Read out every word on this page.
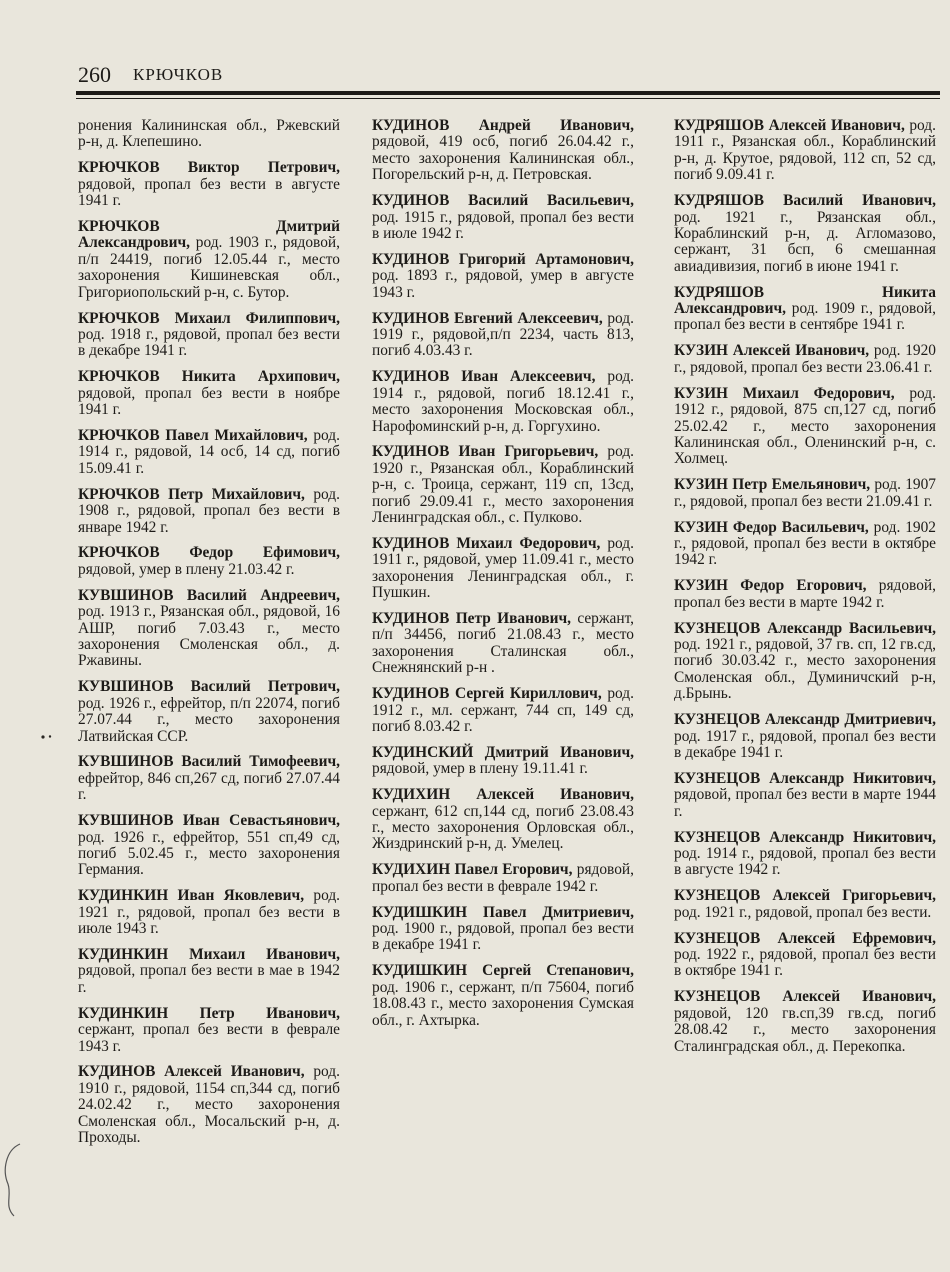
260 КРЮЧКОВ

ронения Калининская обл., Ржевский р-н, д. Клепешино.

КРЮЧКОВ Виктор Петрович, рядовой, пропал без вести в августе 1941 г.

КРЮЧКОВ Дмитрий Александрович, род. 1903 г., рядовой, п/п 24419, погиб 12.05.44 г., место захоронения Кишиневская обл., Григориопольский р-н, с. Бутор.

КРЮЧКОВ Михаил Филиппович, род. 1918 г., рядовой, пропал без вести в декабре 1941 г.

КРЮЧКОВ Никита Архипович, рядовой, пропал без вести в ноябре 1941 г.

КРЮЧКОВ Павел Михайлович, род. 1914 г., рядовой, 14 осб, 14 сд, погиб 15.09.41 г.

КРЮЧКОВ Петр Михайлович, род. 1908 г., рядовой, пропал без вести в январе 1942 г.

КРЮЧКОВ Федор Ефимович, рядовой, умер в плену 21.03.42 г.

КУВШИНОВ Василий Андреевич, род. 1913 г., Рязанская обл., рядовой, 16 АШР, погиб 7.03.43 г., место захоронения Смоленская обл., д. Ржавины.

КУВШИНОВ Василий Петрович, род. 1926 г., ефрейтор, п/п 22074, погиб 27.07.44 г., место захоронения Латвийская ССР.

КУВШИНОВ Василий Тимофеевич, ефрейтор, 846 сп,267 сд, погиб 27.07.44 г.

КУВШИНОВ Иван Севастьянович, род. 1926 г., ефрейтор, 551 сп,49 сд, погиб 5.02.45 г., место захоронения Германия.

КУДИНКИН Иван Яковлевич, род. 1921 г., рядовой, пропал без вести в июле 1943 г.

КУДИНКИН Михаил Иванович, рядовой, пропал без вести в мае в 1942 г.

КУДИНКИН Петр Иванович, сержант, пропал без вести в феврале 1943 г.

КУДИНОВ Алексей Иванович, род. 1910 г., рядовой, 1154 сп,344 сд, погиб 24.02.42 г., место захоронения Смоленская обл., Мосальский р-н, д. Проходы.

КУДИНОВ Андрей Иванович, рядовой, 419 осб, погиб 26.04.42 г., место захоронения Калининская обл., Погорельский р-н, д. Петровская.

КУДИНОВ Василий Васильевич, род. 1915 г., рядовой, пропал без вести в июле 1942 г.

КУДИНОВ Григорий Артамонович, род. 1893 г., рядовой, умер в августе 1943 г.

КУДИНОВ Евгений Алексеевич, род. 1919 г., рядовой,п/п 2234, часть 813, погиб 4.03.43 г.

КУДИНОВ Иван Алексеевич, род. 1914 г., рядовой, погиб 18.12.41 г., место захоронения Московская обл., Нарофоминский р-н, д. Горгухино.

КУДИНОВ Иван Григорьевич, род. 1920 г., Рязанская обл., Кораблинский р-н, с. Троица, сержант, 119 сп, 13сд, погиб 29.09.41 г., место захоронения Ленинградская обл., с. Пулково.

КУДИНОВ Михаил Федорович, род. 1911 г., рядовой, умер 11.09.41 г., место захоронения Ленинградская обл., г. Пушкин.

КУДИНОВ Петр Иванович, сержант, п/п 34456, погиб 21.08.43 г., место захоронения Сталинская обл., Снежнянский р-н .

КУДИНОВ Сергей Кириллович, род. 1912 г., мл. сержант, 744 сп, 149 сд, погиб 8.03.42 г.

КУДИНСКИЙ Дмитрий Иванович, рядовой, умер в плену 19.11.41 г.

КУДИХИН Алексей Иванович, сержант, 612 сп,144 сд, погиб 23.08.43 г., место захоронения Орловская обл., Жиздринский р-н, д. Умелец.

КУДИХИН Павел Егорович, рядовой, пропал без вести в феврале 1942 г.

КУДИШКИН Павел Дмитриевич, род. 1900 г., рядовой, пропал без вести в декабре 1941 г.

КУДИШКИН Сергей Степанович, род. 1906 г., сержант, п/п 75604, погиб 18.08.43 г., место захоронения Сумская обл., г. Ахтырка.

КУДРЯШОВ Алексей Иванович, род. 1911 г., Рязанская обл., Кораблинский р-н, д. Крутое, рядовой, 112 сп, 52 сд, погиб 9.09.41 г.

КУДРЯШОВ Василий Иванович, род. 1921 г., Рязанская обл., Кораблинский р-н, д. Агломазово, сержант, 31 бсп, 6 смешанная авиадивизия, погиб в июне 1941 г.

КУДРЯШОВ Никита Александрович, род. 1909 г., рядовой, пропал без вести в сентябре 1941 г.

КУЗИН Алексей Иванович, род. 1920 г., рядовой, пропал без вести 23.06.41 г.

КУЗИН Михаил Федорович, род. 1912 г., рядовой, 875 сп,127 сд, погиб 25.02.42 г., место захоронения Калининская обл., Оленинский р-н, с. Холмец.

КУЗИН Петр Емельянович, род. 1907 г., рядовой, пропал без вести 21.09.41 г.

КУЗИН Федор Васильевич, род. 1902 г., рядовой, пропал без вести в октябре 1942 г.

КУЗИН Федор Егорович, рядовой, пропал без вести в марте 1942 г.

КУЗНЕЦОВ Александр Васильевич, род. 1921 г., рядовой, 37 гв. сп, 12 гв.сд, погиб 30.03.42 г., место захоронения Смоленская обл., Думиничский р-н, д.Брынь.

КУЗНЕЦОВ Александр Дмитриевич, род. 1917 г., рядовой, пропал без вести в декабре 1941 г.

КУЗНЕЦОВ Александр Никитович, рядовой, пропал без вести в марте 1944 г.

КУЗНЕЦОВ Александр Никитович, род. 1914 г., рядовой, пропал без вести в августе 1942 г.

КУЗНЕЦОВ Алексей Григорьевич, род. 1921 г., рядовой, пропал без вести.

КУЗНЕЦОВ Алексей Ефремович, род. 1922 г., рядовой, пропал без вести в октябре 1941 г.

КУЗНЕЦОВ Алексей Иванович, рядовой, 120 гв.сп,39 гв.сд, погиб 28.08.42 г., место захоронения Сталинградская обл., д. Перекопка.
